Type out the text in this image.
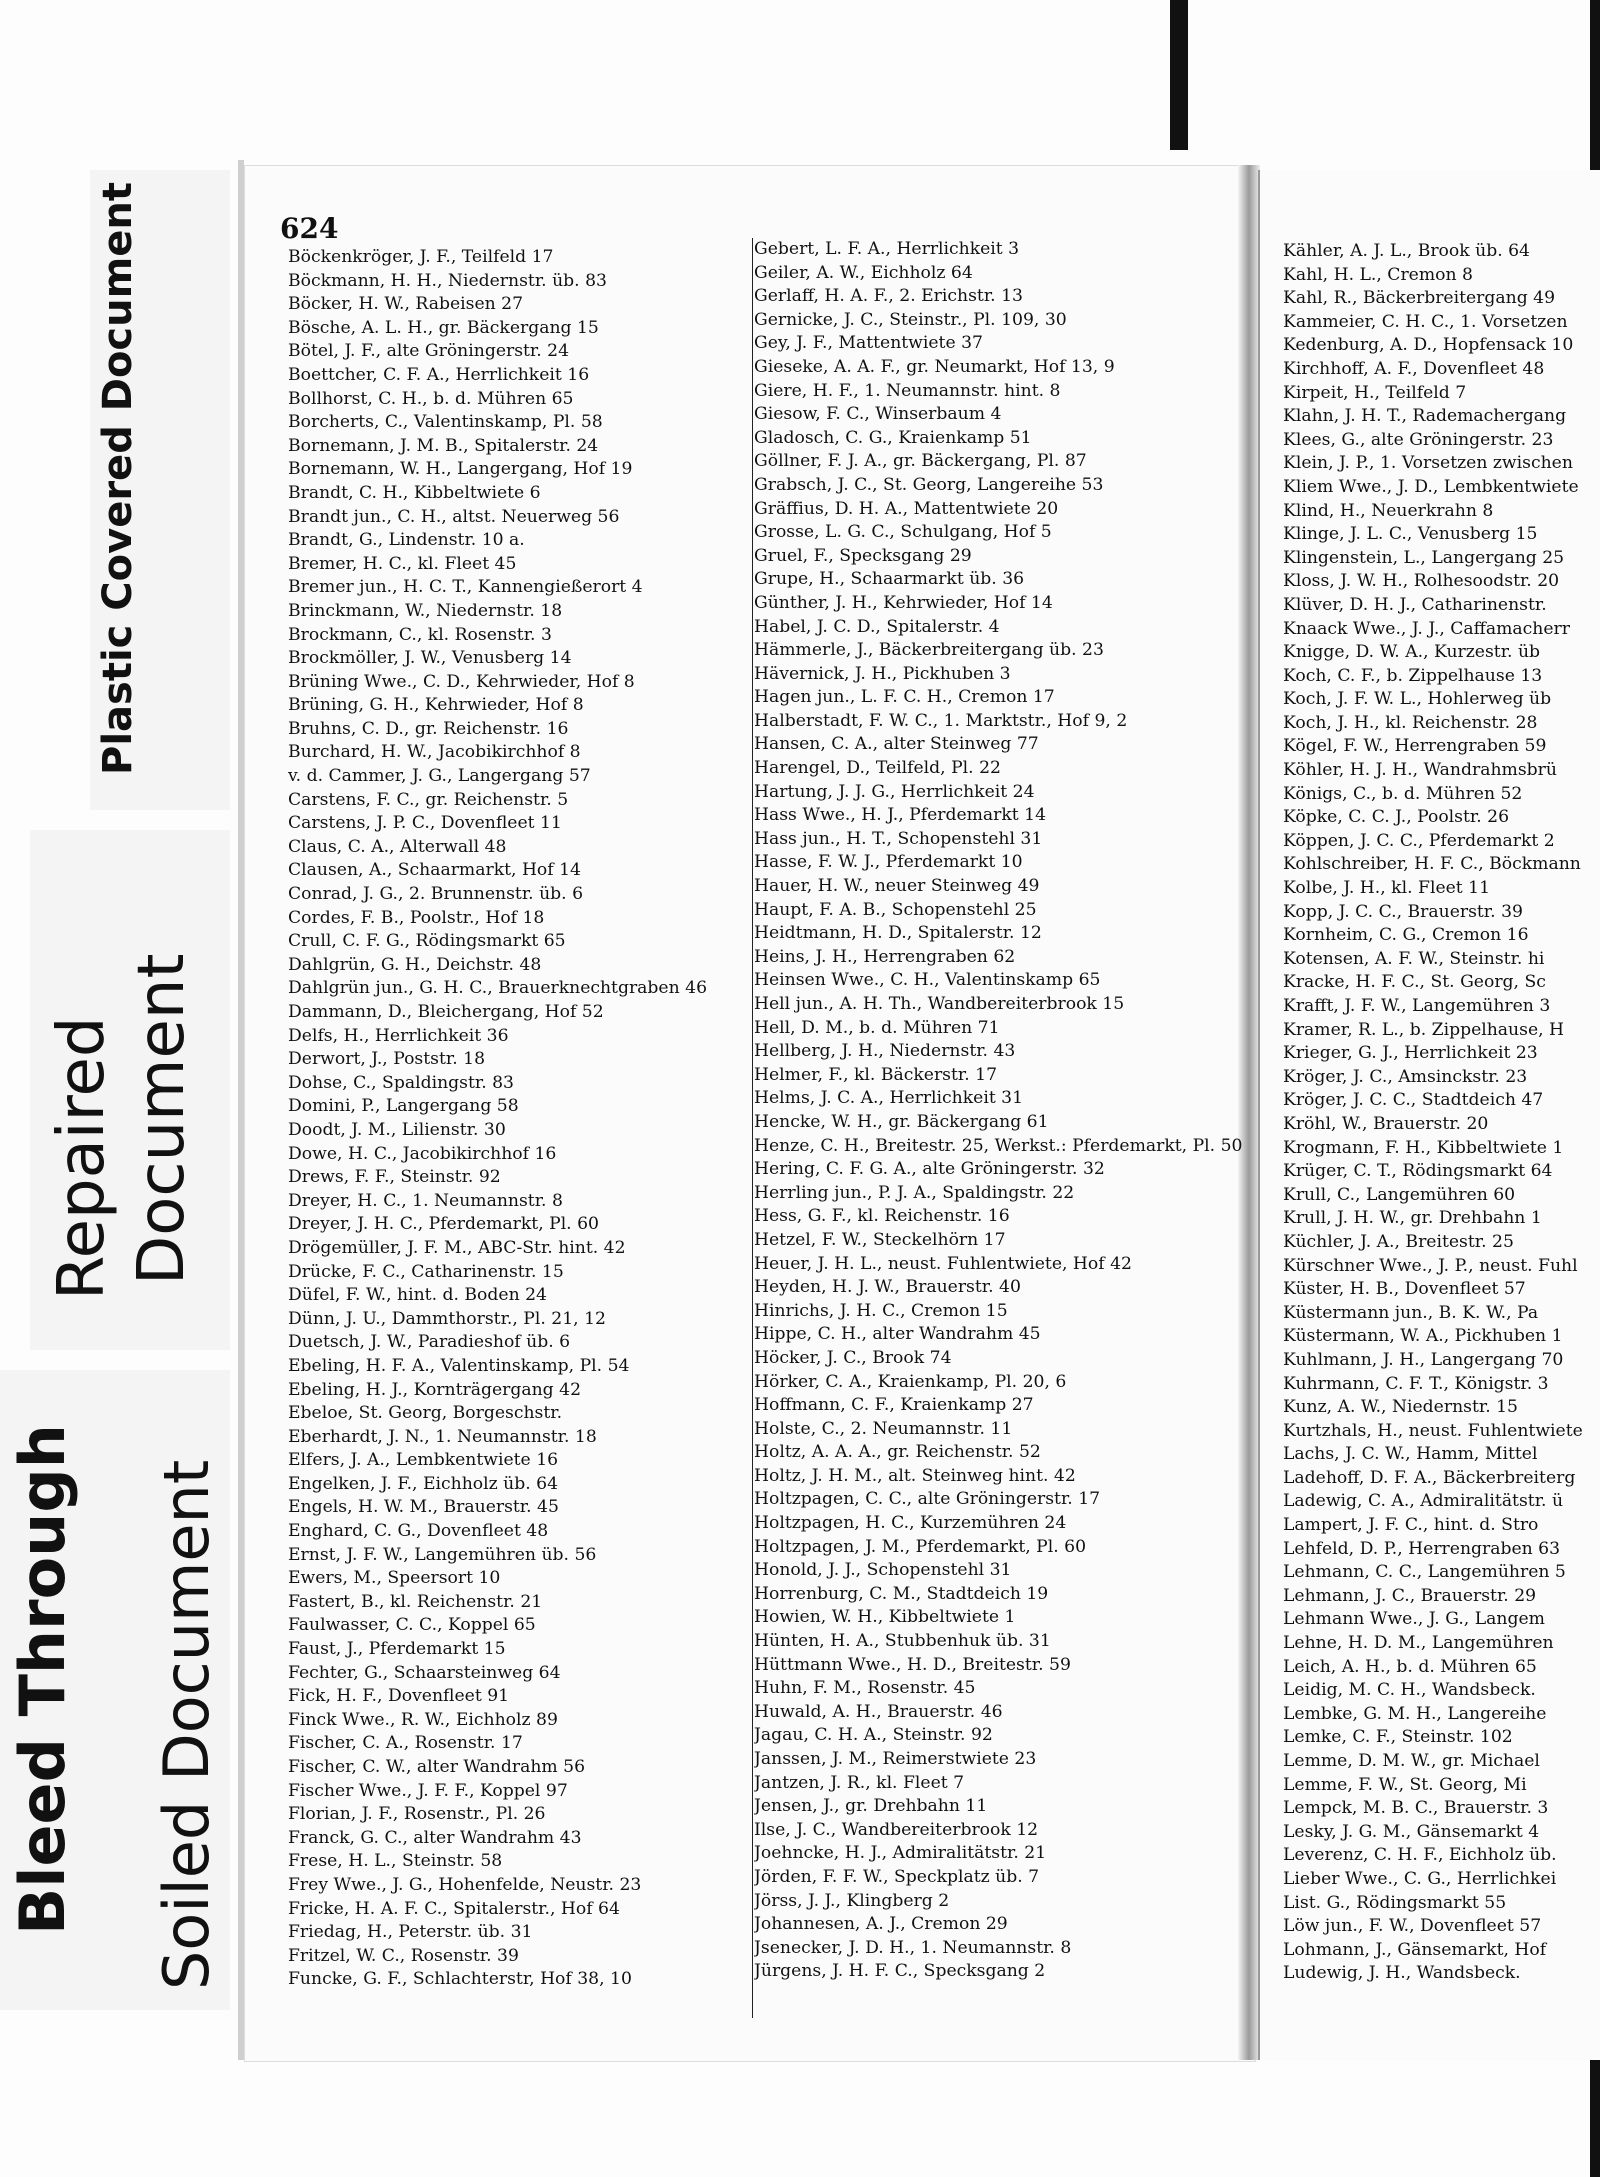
Plastic Covered Document
Repaired Document
Bleed Through Soiled Document
624
Böckenkröger, J. F., Teilfeld 17
Böckmann, H. H., Niedernstr. üb. 83
Böcker, H. W., Rabeisen 27
Bösche, A. L. H., gr. Bäckergang 15
Bötel, J. F., alte Gröningerstr. 24
Boettcher, C. F. A., Herrlichkeit 16
Bollhorst, C. H., b. d. Mühren 65
Borcherts, C., Valentinskamp, Pl. 58
Bornemann, J. M. B., Spitalerstr. 24
Bornemann, W. H., Langergang, Hof 19
Brandt, C. H., Kibbeltwiete 6
Brandt jun., C. H., altst. Neuerweg 56
Brandt, G., Lindenstr. 10 a.
Bremer, H. C., kl. Fleet 45
Bremer jun., H. C. T., Kannengießerort 4
Brinckmann, W., Niedernstr. 18
Brockmann, C., kl. Rosenstr. 3
Brockmöller, J. W., Venusberg 14
Brüning Wwe., C. D., Kehrwieder, Hof 8
Brüning, G. H., Kehrwieder, Hof 8
Bruhns, C. D., gr. Reichenstr. 16
Burchard, H. W., Jacobikirchhof 8
v. d. Cammer, J. G., Langergang 57
Carstens, F. C., gr. Reichenstr. 5
Carstens, J. P. C., Dovenfleet 11
Claus, C. A., Alterwall 48
Clausen, A., Schaarmarkt, Hof 14
Conrad, J. G., 2. Brunnenstr. üb. 6
Cordes, F. B., Poolstr., Hof 18
Crull, C. F. G., Rödingsmarkt 65
Dahlgrün, G. H., Deichstr. 48
Dahlgrün jun., G. H. C., Brauerknechtgraben 46
Dammann, D., Bleichergang, Hof 52
Delfs, H., Herrlichkeit 36
Derwort, J., Poststr. 18
Dohse, C., Spaldingstr. 83
Domini, P., Langergang 58
Doodt, J. M., Lilienstr. 30
Dowe, H. C., Jacobikirchhof 16
Drews, F. F., Steinstr. 92
Dreyer, H. C., 1. Neumannstr. 8
Dreyer, J. H. C., Pferdemarkt, Pl. 60
Drögemüller, J. F. M., ABC-Str. hint. 42
Drücke, F. C., Catharinenstr. 15
Düfel, F. W., hint. d. Boden 24
Dünn, J. U., Dammthorstr., Pl. 21, 12
Duetsch, J. W., Paradieshof üb. 6
Ebeling, H. F. A., Valentinskamp, Pl. 54
Ebeling, H. J., Kornträgergang 42
Ebeloe, St. Georg, Borgeschstr.
Eberhardt, J. N., 1. Neumannstr. 18
Elfers, J. A., Lembkentwiete 16
Engelken, J. F., Eichholz üb. 64
Engels, H. W. M., Brauerstr. 45
Enghard, C. G., Dovenfleet 48
Ernst, J. F. W., Langemühren üb. 56
Ewers, M., Speersort 10
Fastert, B., kl. Reichenstr. 21
Faulwasser, C. C., Koppel 65
Faust, J., Pferdemarkt 15
Fechter, G., Schaarsteinweg 64
Fick, H. F., Dovenfleet 91
Finck Wwe., R. W., Eichholz 89
Fischer, C. A., Rosenstr. 17
Fischer, C. W., alter Wandrahm 56
Fischer Wwe., J. F. F., Koppel 97
Florian, J. F., Rosenstr., Pl. 26
Franck, G. C., alter Wandrahm 43
Frese, H. L., Steinstr. 58
Frey Wwe., J. G., Hohenfelde, Neustr. 23
Fricke, H. A. F. C., Spitalerstr., Hof 64
Friedag, H., Peterstr. üb. 31
Fritzel, W. C., Rosenstr. 39
Funcke, G. F., Schlachterstr, Hof 38, 10
Gebert, L. F. A., Herrlichkeit 3
Geiler, A. W., Eichholz 64
Gerlaff, H. A. F., 2. Erichstr. 13
Gernicke, J. C., Steinstr., Pl. 109, 30
Gey, J. F., Mattentwiete 37
Gieseke, A. A. F., gr. Neumarkt, Hof 13, 9
Giere, H. F., 1. Neumannstr. hint. 8
Giesow, F. C., Winserbaum 4
Gladosch, C. G., Kraienkamp 51
Göllner, F. J. A., gr. Bäckergang, Pl. 87
Grabsch, J. C., St. Georg, Langereihe 53
Gräffius, D. H. A., Mattentwiete 20
Grosse, L. G. C., Schulgang, Hof 5
Gruel, F., Specksgang 29
Grupe, H., Schaarmarkt üb. 36
Günther, J. H., Kehrwieder, Hof 14
Habel, J. C. D., Spitalerstr. 4
Hämmerle, J., Bäckerbreitergang üb. 23
Hävernick, J. H., Pickhuben 3
Hagen jun., L. F. C. H., Cremon 17
Halberstadt, F. W. C., 1. Marktstr., Hof 9, 2
Hansen, C. A., alter Steinweg 77
Harengel, D., Teilfeld, Pl. 22
Hartung, J. J. G., Herrlichkeit 24
Hass Wwe., H. J., Pferdemarkt 14
Hass jun., H. T., Schopenstehl 31
Hasse, F. W. J., Pferdemarkt 10
Hauer, H. W., neuer Steinweg 49
Haupt, F. A. B., Schopenstehl 25
Heidtmann, H. D., Spitalerstr. 12
Heins, J. H., Herrengraben 62
Heinsen Wwe., C. H., Valentinskamp 65
Hell jun., A. H. Th., Wandbereiterbrook 15
Hell, D. M., b. d. Mühren 71
Hellberg, J. H., Niedernstr. 43
Helmer, F., kl. Bäckerstr. 17
Helms, J. C. A., Herrlichkeit 31
Hencke, W. H., gr. Bäckergang 61
Henze, C. H., Breitestr. 25, Werkst.: Pferdemarkt, Pl. 50
Hering, C. F. G. A., alte Gröningerstr. 32
Herrling jun., P. J. A., Spaldingstr. 22
Hess, G. F., kl. Reichenstr. 16
Hetzel, F. W., Steckelhörn 17
Heuer, J. H. L., neust. Fuhlentwiete, Hof 42
Heyden, H. J. W., Brauerstr. 40
Hinrichs, J. H. C., Cremon 15
Hippe, C. H., alter Wandrahm 45
Höcker, J. C., Brook 74
Hörker, C. A., Kraienkamp, Pl. 20, 6
Hoffmann, C. F., Kraienkamp 27
Holste, C., 2. Neumannstr. 11
Holtz, A. A. A., gr. Reichenstr. 52
Holtz, J. H. M., alt. Steinweg hint. 42
Holtzpagen, C. C., alte Gröningerstr. 17
Holtzpagen, H. C., Kurzemühren 24
Holtzpagen, J. M., Pferdemarkt, Pl. 60
Honold, J. J., Schopenstehl 31
Horrenburg, C. M., Stadtdeich 19
Howien, W. H., Kibbeltwiete 1
Hünten, H. A., Stubbenhuk üb. 31
Hüttmann Wwe., H. D., Breitestr. 59
Huhn, F. M., Rosenstr. 45
Huwald, A. H., Brauerstr. 46
Jagau, C. H. A., Steinstr. 92
Janssen, J. M., Reimerstwiete 23
Jantzen, J. R., kl. Fleet 7
Jensen, J., gr. Drehbahn 11
Ilse, J. C., Wandbereiterbrook 12
Joehncke, H. J., Admiralitätstr. 21
Jörden, F. F. W., Speckplatz üb. 7
Jörss, J. J., Klingberg 2
Johannesen, A. J., Cremon 29
Jsenecker, J. D. H., 1. Neumannstr. 8
Jürgens, J. H. F. C., Specksgang 2
Kähler, A. J. L., Brook üb. 64
Kahl, H. L., Cremon 8
Kahl, R., Bäckerbreitergang 49
Kammeier, C. H. C., 1. Vorsetzen
Kedenburg, A. D., Hopfensack 10
Kirchhoff, A. F., Dovenfleet 48
Kirpeit, H., Teilfeld 7
Klahn, J. H. T., Rademachergang
Klees, G., alte Gröningerstr. 23
Klein, J. P., 1. Vorsetzen zwischen
Kliem Wwe., J. D., Lembkentwiete
Klind, H., Neuerkrahn 8
Klinge, J. L. C., Venusberg 15
Klingenstein, L., Langergang 25
Kloss, J. W. H., Rolhesoodstr. 20
Klüver, D. H. J., Catharinenstr.
Knaack Wwe., J. J., Caffamacherr
Knigge, D. W. A., Kurzestr. üb
Koch, C. F., b. Zippelhause 13
Koch, J. F. W. L., Hohlerweg üb
Koch, J. H., kl. Reichenstr. 28
Kögel, F. W., Herrengraben 59
Köhler, H. J. H., Wandrahmsbrü
Königs, C., b. d. Mühren 52
Köpke, C. C. J., Poolstr. 26
Köppen, J. C. C., Pferdemarkt 2
Kohlschreiber, H. F. C., Böckmann
Kolbe, J. H., kl. Fleet 11
Kopp, J. C. C., Brauerstr. 39
Kornheim, C. G., Cremon 16
Kotensen, A. F. W., Steinstr. hi
Kracke, H. F. C., St. Georg, Sc
Krafft, J. F. W., Langemühren 3
Kramer, R. L., b. Zippelhause, H
Krieger, G. J., Herrlichkeit 23
Kröger, J. C., Amsinckstr. 23
Kröger, J. C. C., Stadtdeich 47
Kröhl, W., Brauerstr. 20
Krogmann, F. H., Kibbeltwiete 1
Krüger, C. T., Rödingsmarkt 64
Krull, C., Langemühren 60
Krull, J. H. W., gr. Drehbahn 1
Küchler, J. A., Breitestr. 25
Kürschner Wwe., J. P., neust. Fuhl
Küster, H. B., Dovenfleet 57
Küstermann jun., B. K. W., Pa
Küstermann, W. A., Pickhuben 1
Kuhlmann, J. H., Langergang 70
Kuhrmann, C. F. T., Königstr. 3
Kunz, A. W., Niedernstr. 15
Kurtzhals, H., neust. Fuhlentwiete
Lachs, J. C. W., Hamm, Mittel
Ladehoff, D. F. A., Bäckerbreiterg
Ladewig, C. A., Admiralitätstr. ü
Lampert, J. F. C., hint. d. Stro
Lehfeld, D. P., Herrengraben 63
Lehmann, C. C., Langemühren 5
Lehmann, J. C., Brauerstr. 29
Lehmann Wwe., J. G., Langem
Lehne, H. D. M., Langemühren
Leich, A. H., b. d. Mühren 65
Leidig, M. C. H., Wandsbeck.
Lembke, G. M. H., Langereihe
Lemke, C. F., Steinstr. 102
Lemme, D. M. W., gr. Michael
Lemme, F. W., St. Georg, Mi
Lempck, M. B. C., Brauerstr. 3
Lesky, J. G. M., Gänsemarkt 4
Leverenz, C. H. F., Eichholz üb.
Lieber Wwe., C. G., Herrlichkei
List. G., Rödingsmarkt 55
Löw jun., F. W., Dovenfleet 57
Lohmann, J., Gänsemarkt, Hof
Ludewig, J. H., Wandsbeck.
